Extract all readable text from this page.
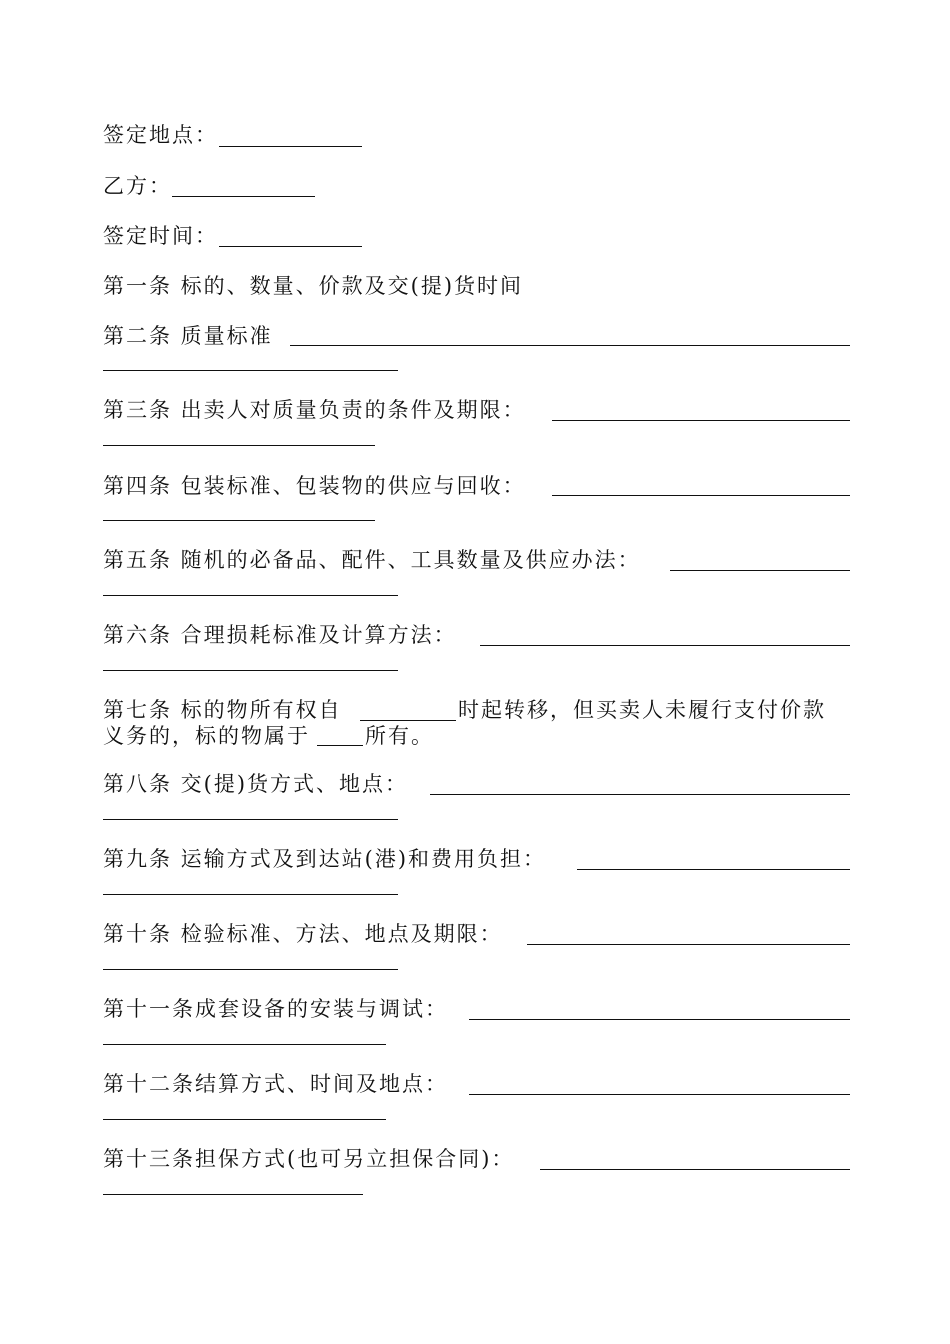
签定地点：
乙方：
签定时间：
第一条 标的、数量、价款及交(提)货时间
第二条 质量标准
第三条 出卖人对质量负责的条件及期限：
第四条 包装标准、包装物的供应与回收：
第五条 随机的必备品、配件、工具数量及供应办法：
第六条 合理损耗标准及计算方法：
第七条 标的物所有权自	时起转移，但买卖人未履行支付价款
义务的，标的物属于	所有。
第八条 交(提)货方式、地点：
第九条 运输方式及到达站(港)和费用负担：
第十条 检验标准、方法、地点及期限：
第十一条成套设备的安装与调试：
第十二条结算方式、时间及地点：
第十三条担保方式(也可另立担保合同)：
